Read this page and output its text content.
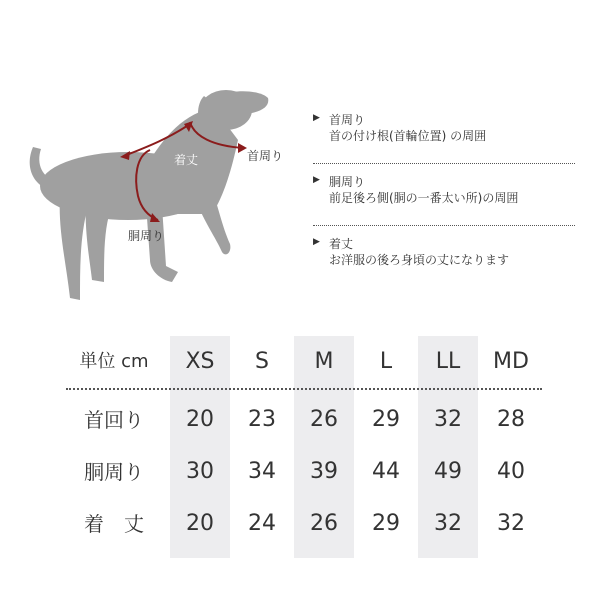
着丈	首周り
胴周り
▶ 首周り
首の付け根(首輪位置) の周囲
▶ 胴周り
前足後ろ側(胴の一番太い所)の周囲
▶ 着丈
お洋服の後ろ身頃の丈になります
単位 cm	XS	S	M	L	LL	MD
首回り	20	23	26	29	32	28
胴周り	30	34	39	44	49	40
着　丈	20	24	26	29	32	32
